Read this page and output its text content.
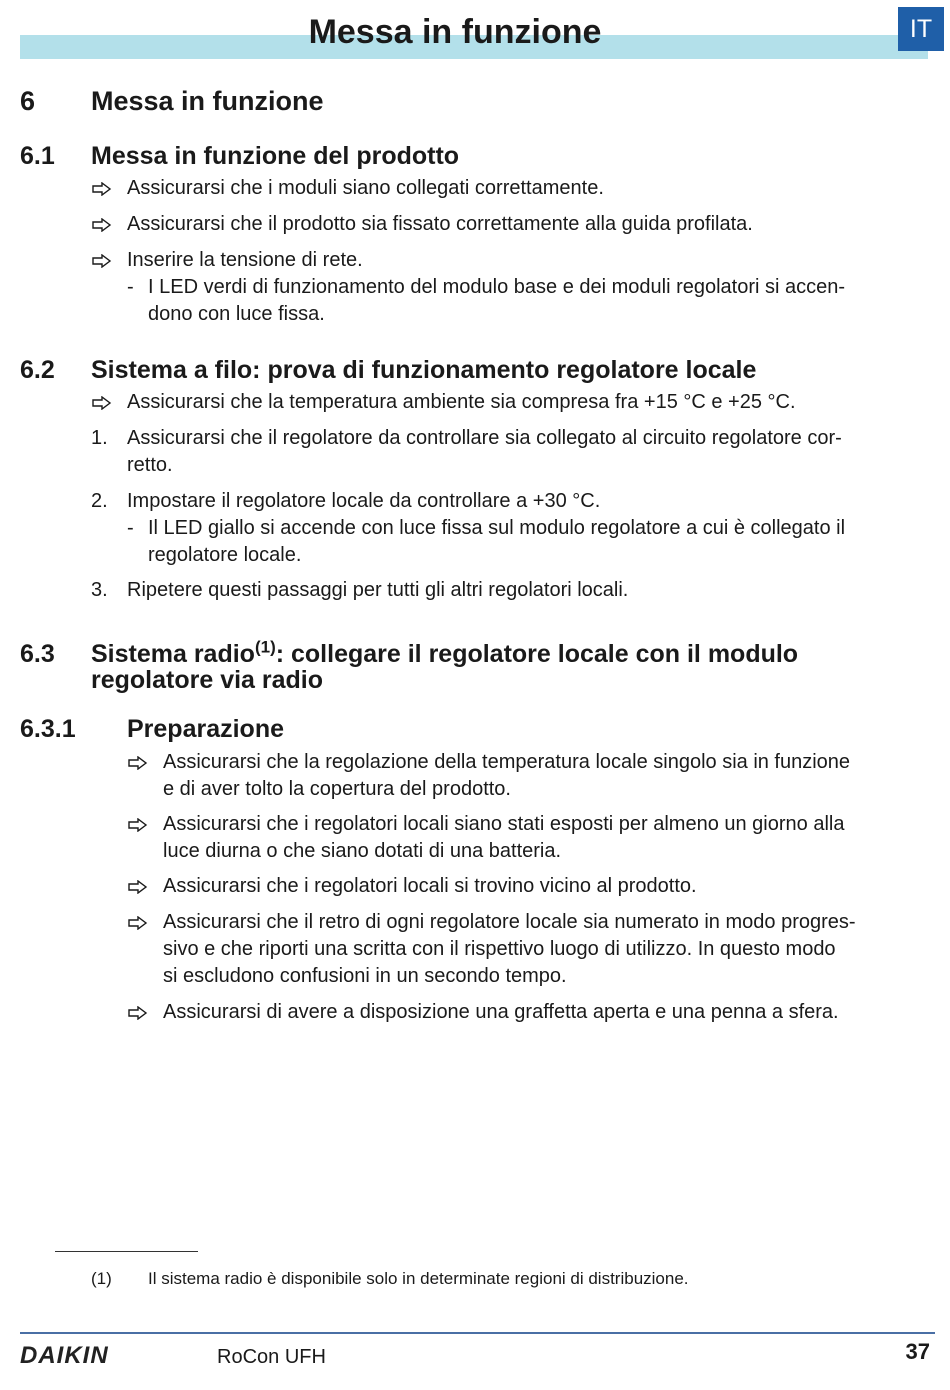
Messa in funzione	IT
6 Messa in funzione
6.1 Messa in funzione del prodotto
Assicurarsi che i moduli siano collegati correttamente.
Assicurarsi che il prodotto sia fissato correttamente alla guida profilata.
Inserire la tensione di rete.
- I LED verdi di funzionamento del modulo base e dei moduli regolatori si accen-
dono con luce fissa.
6.2 Sistema a filo: prova di funzionamento regolatore locale
Assicurarsi che la temperatura ambiente sia compresa fra +15 °C e +25 °C.
1. Assicurarsi che il regolatore da controllare sia collegato al circuito regolatore cor-
retto.
2. Impostare il regolatore locale da controllare a +30 °C.
- Il LED giallo si accende con luce fissa sul modulo regolatore a cui è collegato il
regolatore locale.
3. Ripetere questi passaggi per tutti gli altri regolatori locali.
6.3 Sistema radio$^{(1)}$: collegare il regolatore locale con il modulo
regolatore via radio
6.3.1 Preparazione
Assicurarsi che la regolazione della temperatura locale singolo sia in funzione
e di aver tolto la copertura del prodotto.
Assicurarsi che i regolatori locali siano stati esposti per almeno un giorno alla
luce diurna o che siano dotati di una batteria.
Assicurarsi che i regolatori locali si trovino vicino al prodotto.
Assicurarsi che il retro di ogni regolatore locale sia numerato in modo progres-
sivo e che riporti una scritta con il rispettivo luogo di utilizzo. In questo modo
si escludono confusioni in un secondo tempo.
Assicurarsi di avere a disposizione una graffetta aperta e una penna a sfera.
(1) Il sistema radio è disponibile solo in determinate regioni di distribuzione.
DAIKIN	RoCon UFH	37
